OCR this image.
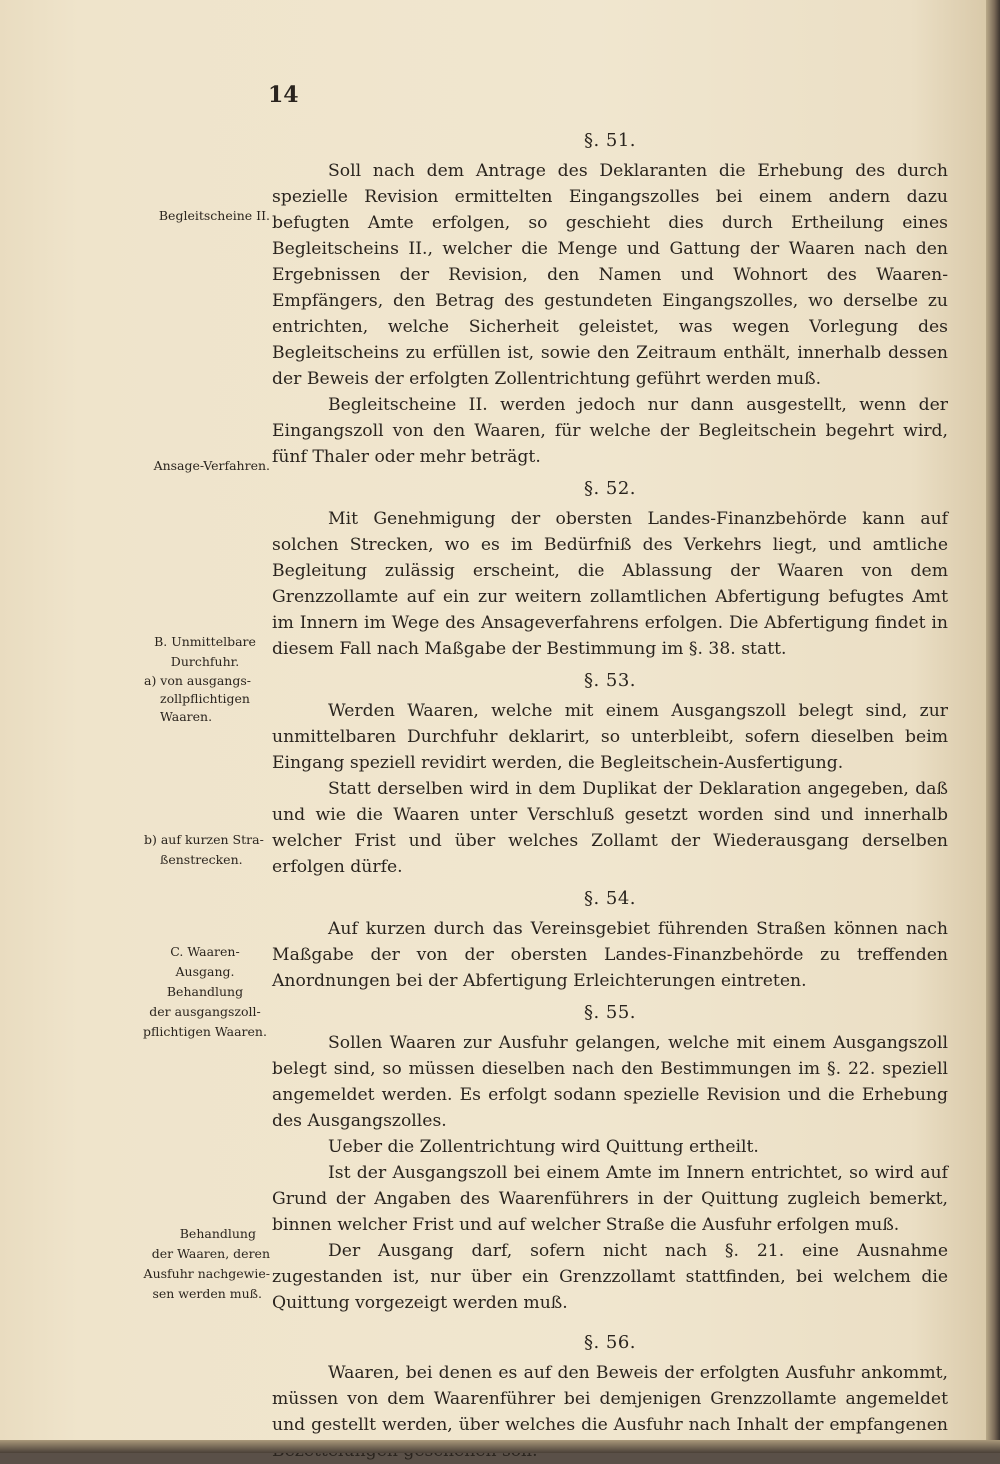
14
Begleitscheine II.
Ansage-Verfahren.
B. Unmittelbare
Durchfuhr.
a) von ausgangs-
zollpflichtigen
Waaren.
b) auf kurzen Stra-
ßenstrecken.
C. Waaren-
Ausgang.
Behandlung
der ausgangszoll-
pflichtigen Waaren.
Behandlung
der Waaren, deren
Ausfuhr nachgewie-
sen werden muß.
§. 51.

Soll nach dem Antrage des Deklaranten die Erhebung des durch spezielle Revision ermittelten Eingangszolles bei einem andern dazu befugten Amte erfolgen, so geschieht dies durch Ertheilung eines Begleitscheins II., welcher die Menge und Gattung der Waaren nach den Ergebnissen der Revision, den Namen und Wohnort des Waaren-Empfängers, den Betrag des gestundeten Eingangszolles, wo derselbe zu entrichten, welche Sicherheit geleistet, was wegen Vorlegung des Begleitscheins zu erfüllen ist, sowie den Zeitraum enthält, innerhalb dessen der Beweis der erfolgten Zollentrichtung geführt werden muß.

Begleitscheine II. werden jedoch nur dann ausgestellt, wenn der Eingangszoll von den Waaren, für welche der Begleitschein begehrt wird, fünf Thaler oder mehr beträgt.

§. 52.

Mit Genehmigung der obersten Landes-Finanzbehörde kann auf solchen Strecken, wo es im Bedürfniß des Verkehrs liegt, und amtliche Begleitung zulässig erscheint, die Ablassung der Waaren von dem Grenzzollamte auf ein zur weitern zollamtlichen Abfertigung befugtes Amt im Innern im Wege des Ansageverfahrens erfolgen. Die Abfertigung findet in diesem Fall nach Maßgabe der Bestimmung im §. 38. statt.

§. 53.

Werden Waaren, welche mit einem Ausgangszoll belegt sind, zur unmittelbaren Durchfuhr deklarirt, so unterbleibt, sofern dieselben beim Eingang speziell revidirt werden, die Begleitschein-Ausfertigung.

Statt derselben wird in dem Duplikat der Deklaration angegeben, daß und wie die Waaren unter Verschluß gesetzt worden sind und innerhalb welcher Frist und über welches Zollamt der Wiederausgang derselben erfolgen dürfe.

§. 54.

Auf kurzen durch das Vereinsgebiet führenden Straßen können nach Maßgabe der von der obersten Landes-Finanzbehörde zu treffenden Anordnungen bei der Abfertigung Erleichterungen eintreten.

§. 55.

Sollen Waaren zur Ausfuhr gelangen, welche mit einem Ausgangszoll belegt sind, so müssen dieselben nach den Bestimmungen im §. 22. speziell angemeldet werden. Es erfolgt sodann spezielle Revision und die Erhebung des Ausgangszolles.

Ueber die Zollentrichtung wird Quittung ertheilt.

Ist der Ausgangszoll bei einem Amte im Innern entrichtet, so wird auf Grund der Angaben des Waarenführers in der Quittung zugleich bemerkt, binnen welcher Frist und auf welcher Straße die Ausfuhr erfolgen muß.

Der Ausgang darf, sofern nicht nach §. 21. eine Ausnahme zugestanden ist, nur über ein Grenzzollamt stattfinden, bei welchem die Quittung vorgezeigt werden muß.

§. 56.

Waaren, bei denen es auf den Beweis der erfolgten Ausfuhr ankommt, müssen von dem Waarenführer bei demjenigen Grenzzollamte angemeldet und gestellt werden, über welches die Ausfuhr nach Inhalt der empfangenen
